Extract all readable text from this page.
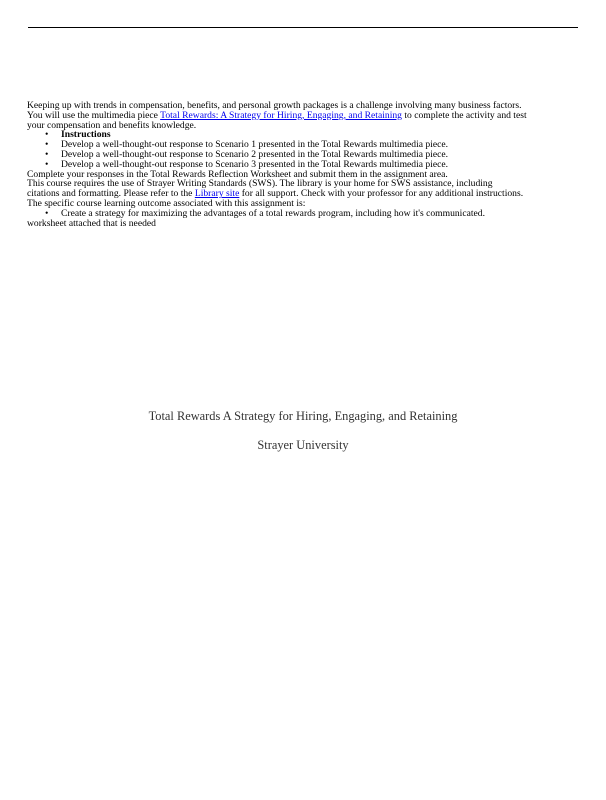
Keeping up with trends in compensation, benefits, and personal growth packages is a challenge involving many business factors. You will use the multimedia piece Total Rewards: A Strategy for Hiring, Engaging, and Retaining to complete the activity and test your compensation and benefits knowledge.

• Instructions
• Develop a well-thought-out response to Scenario 1 presented in the Total Rewards multimedia piece.
• Develop a well-thought-out response to Scenario 2 presented in the Total Rewards multimedia piece.
• Develop a well-thought-out response to Scenario 3 presented in the Total Rewards multimedia piece.

Complete your responses in the Total Rewards Reflection Worksheet and submit them in the assignment area.

This course requires the use of Strayer Writing Standards (SWS). The library is your home for SWS assistance, including citations and formatting. Please refer to the Library site for all support. Check with your professor for any additional instructions.

The specific course learning outcome associated with this assignment is:

• Create a strategy for maximizing the advantages of a total rewards program, including how it's communicated.

worksheet attached that is needed

Total Rewards A Strategy for Hiring, Engaging, and Retaining
Strayer University
